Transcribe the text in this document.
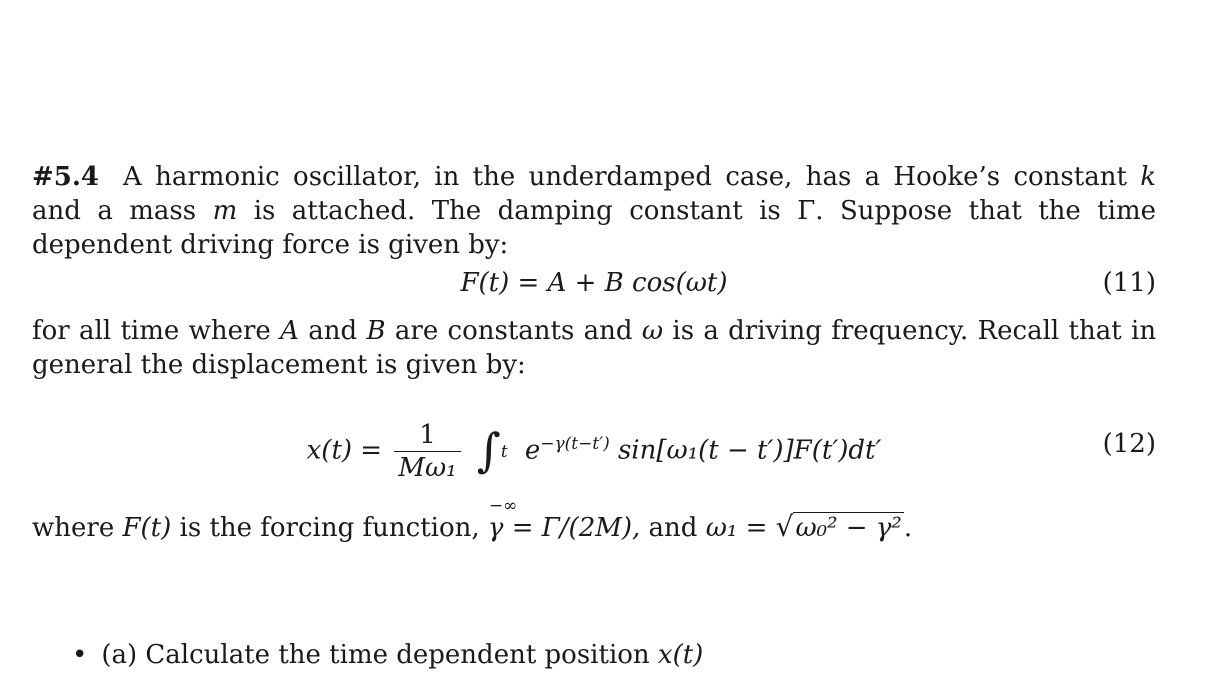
#5.4 A harmonic oscillator, in the underdamped case, has a Hooke’s constant k and a mass m is attached. The damping constant is Γ. Suppose that the time dependent driving force is given by:
F(t) = A + B cos(ωt)	(11)
for all time where A and B are constants and ω is a driving frequency. Recall that in general the displacement is given by:
$x(t) = \frac{1}{\text{Mω₁}}$
∫ t
−∞
$e^{-\gamma(t-t')}$ sin[ω₁(t − t′)]F(t′)dt′	(12)
where F(t) is the forcing function, γ = Γ/(2M), and ω₁ = √ω₀² − γ².
• (a) Calculate the time dependent position x(t)
